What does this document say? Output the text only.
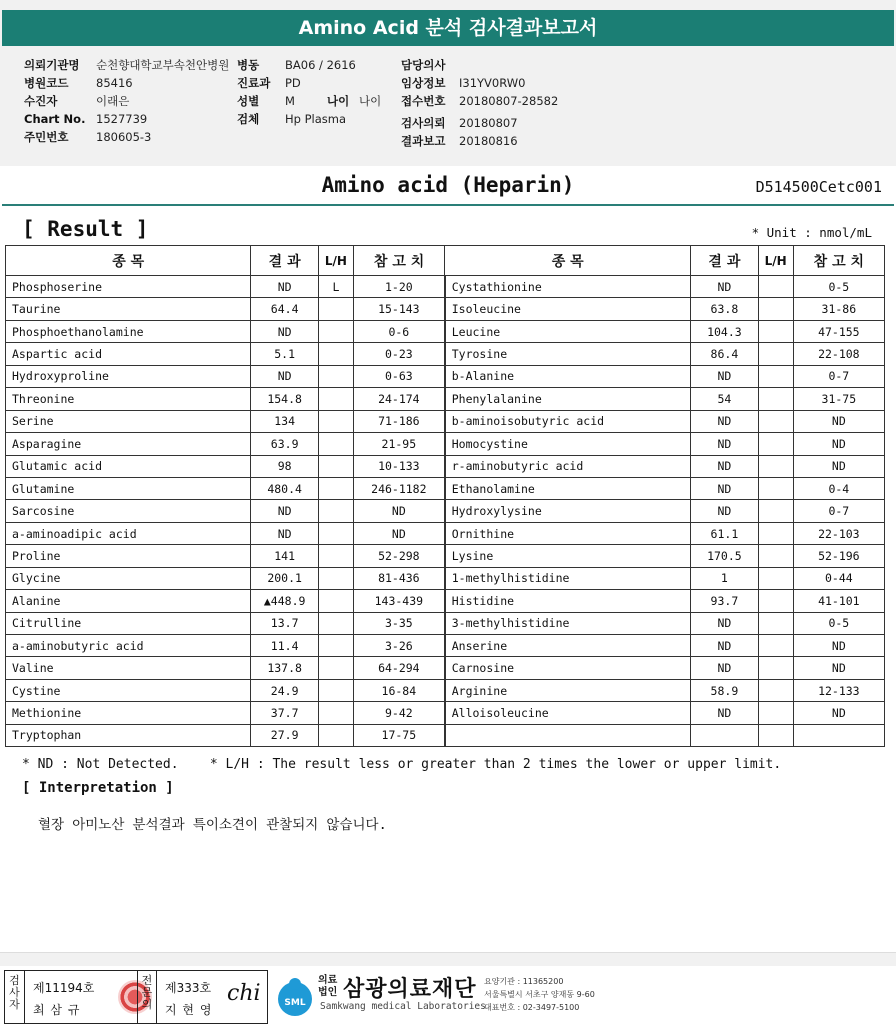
Amino Acid 분석 검사결과보고서
의뢰기관명 순천향대학교부속천안병원
병원코드 85416
수진자	이래은
Chart No. 1527739
주민번호 180605-3
병동 BA06 / 2616
진료과 PD
성별 M	나이 나이
검체 Hp Plasma
담당의사
임상정보 I31YV0RW0
접수번호 20180807-28582
검사의뢰 20180807
결과보고 20180816
Amino acid (Heparin)	D514500Cetc001
[ Result ]	* Unit : nmol/mL
종 목	결 과	L/H	참 고 치	종 목	결 과	L/H	참 고 치
Phosphoserine	ND	L	1-20	Cystathionine	ND		0-5
Taurine	64.4		15-143	Isoleucine	63.8		31-86
Phosphoethanolamine	ND		0-6	Leucine	104.3		47-155
Aspartic acid	5.1		0-23	Tyrosine	86.4		22-108
Hydroxyproline	ND		0-63	b-Alanine	ND		0-7
Threonine	154.8		24-174	Phenylalanine	54		31-75
Serine	134		71-186	b-aminoisobutyric acid	ND		ND
Asparagine	63.9		21-95	Homocystine	ND		ND
Glutamic acid	98		10-133	r-aminobutyric acid	ND		ND
Glutamine	480.4		246-1182	Ethanolamine	ND		0-4
Sarcosine	ND		ND	Hydroxylysine	ND		0-7
a-aminoadipic acid	ND		ND	Ornithine	61.1		22-103
Proline	141		52-298	Lysine	170.5		52-196
Glycine	200.1		81-436	1-methylhistidine	1		0-44
Alanine	▲448.9		143-439	Histidine	93.7		41-101
Citrulline	13.7		3-35	3-methylhistidine	ND		0-5
a-aminobutyric acid	11.4		3-26	Anserine	ND		ND
Valine	137.8		64-294	Carnosine	ND		ND
Cystine	24.9		16-84	Arginine	58.9		12-133
Methionine	37.7		9-42	Alloisoleucine	ND		ND
Tryptophan	27.9		17-75				
* ND : Not Detected. * L/H : The result less or greater than 2 times the lower or upper limit.
[ Interpretation ]
혈장 아미노산 분석결과 특이소견이 관찰되지 않습니다.
검사자
제11194호
최 삼 규
전문의
제333호
지 현 영
chi	SML
의료
법인 삼광의료재단
Samkwang medical Laboratories
요양기관 : 11365200
서울특별시 서초구 양재동 9-60
대표번호 : 02-3497-5100
